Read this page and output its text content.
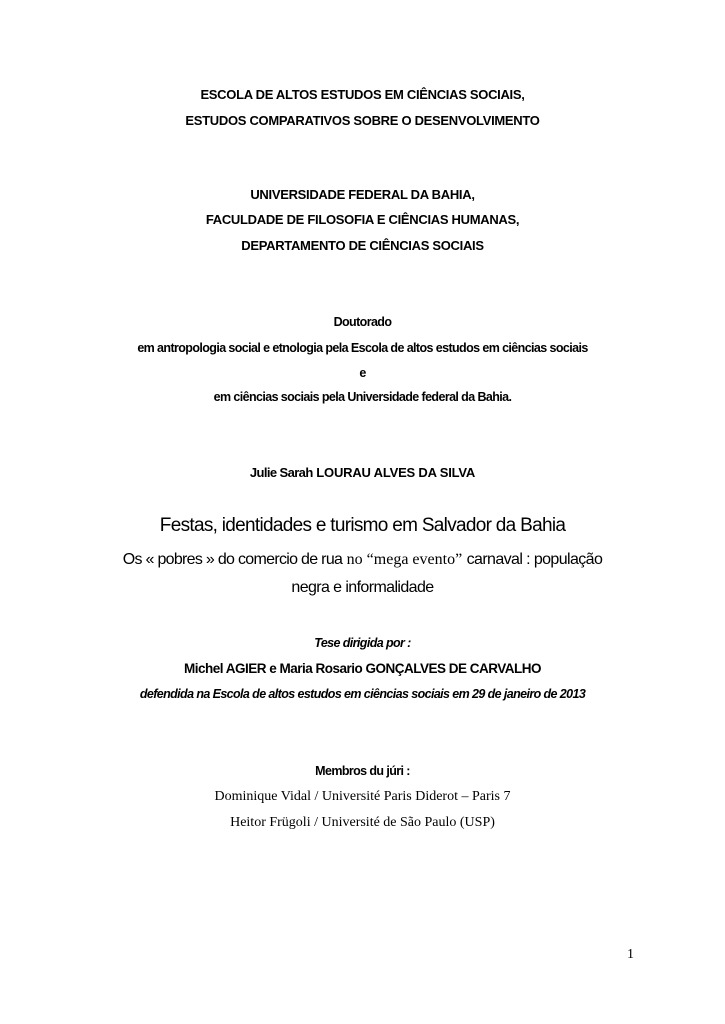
ESCOLA DE ALTOS ESTUDOS EM CIÊNCIAS SOCIAIS,
ESTUDOS COMPARATIVOS SOBRE O DESENVOLVIMENTO
UNIVERSIDADE FEDERAL DA BAHIA,
FACULDADE DE FILOSOFIA E CIÊNCIAS HUMANAS,
DEPARTAMENTO DE CIÊNCIAS SOCIAIS
Doutorado
em antropologia social e etnologia pela Escola de altos estudos em ciências sociais
e
em ciências sociais pela Universidade federal da Bahia.
Julie Sarah LOURAU ALVES DA SILVA
Festas, identidades e turismo em Salvador da Bahia
Os « pobres » do comercio de rua no “mega evento” carnaval : população
negra e informalidade
Tese dirigida por :
Michel AGIER e Maria Rosario GONÇALVES DE CARVALHO
defendida na Escola de altos estudos em ciências sociais em 29 de janeiro de 2013
Membros du júri :
Dominique Vidal / Université Paris Diderot – Paris 7
Heitor Frügoli / Université de São Paulo (USP)
1
